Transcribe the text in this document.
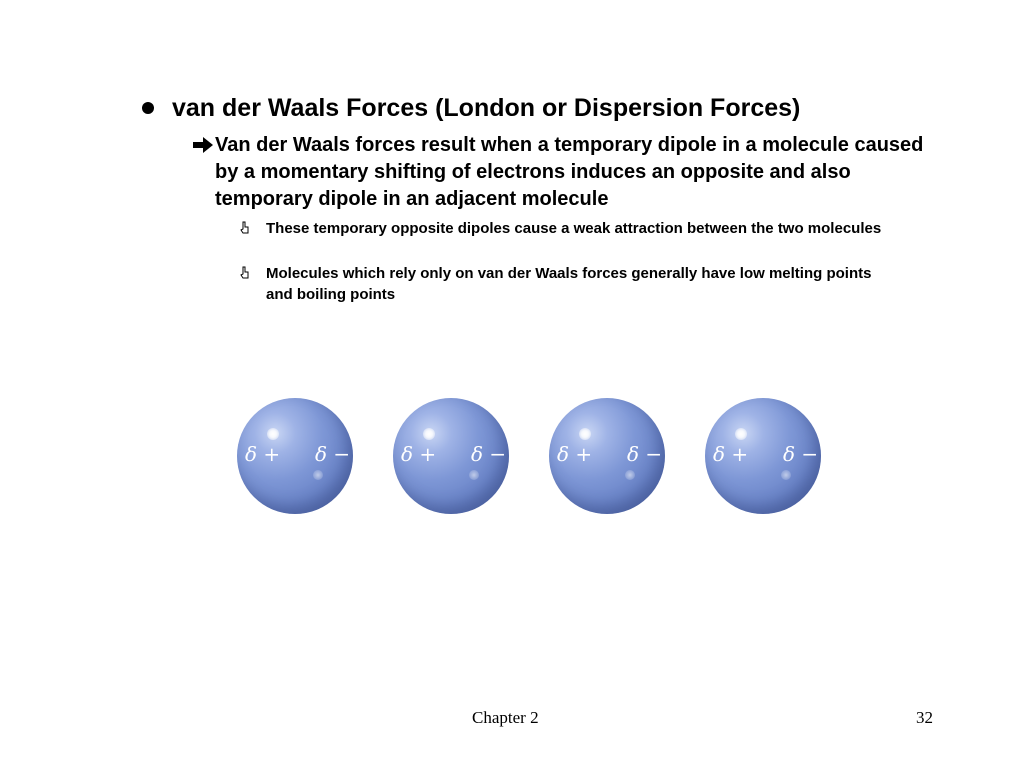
van der Waals Forces (London or Dispersion Forces)
Van der Waals forces result when a temporary dipole in a molecule caused by a momentary shifting of electrons induces an opposite and also temporary dipole in an adjacent molecule
These temporary opposite dipoles cause a weak attraction between the two molecules
Molecules which rely only on van der Waals forces generally have low melting points and boiling points
δ + δ −	δ + δ −	δ + δ −	δ + δ −
Chapter 2	32
